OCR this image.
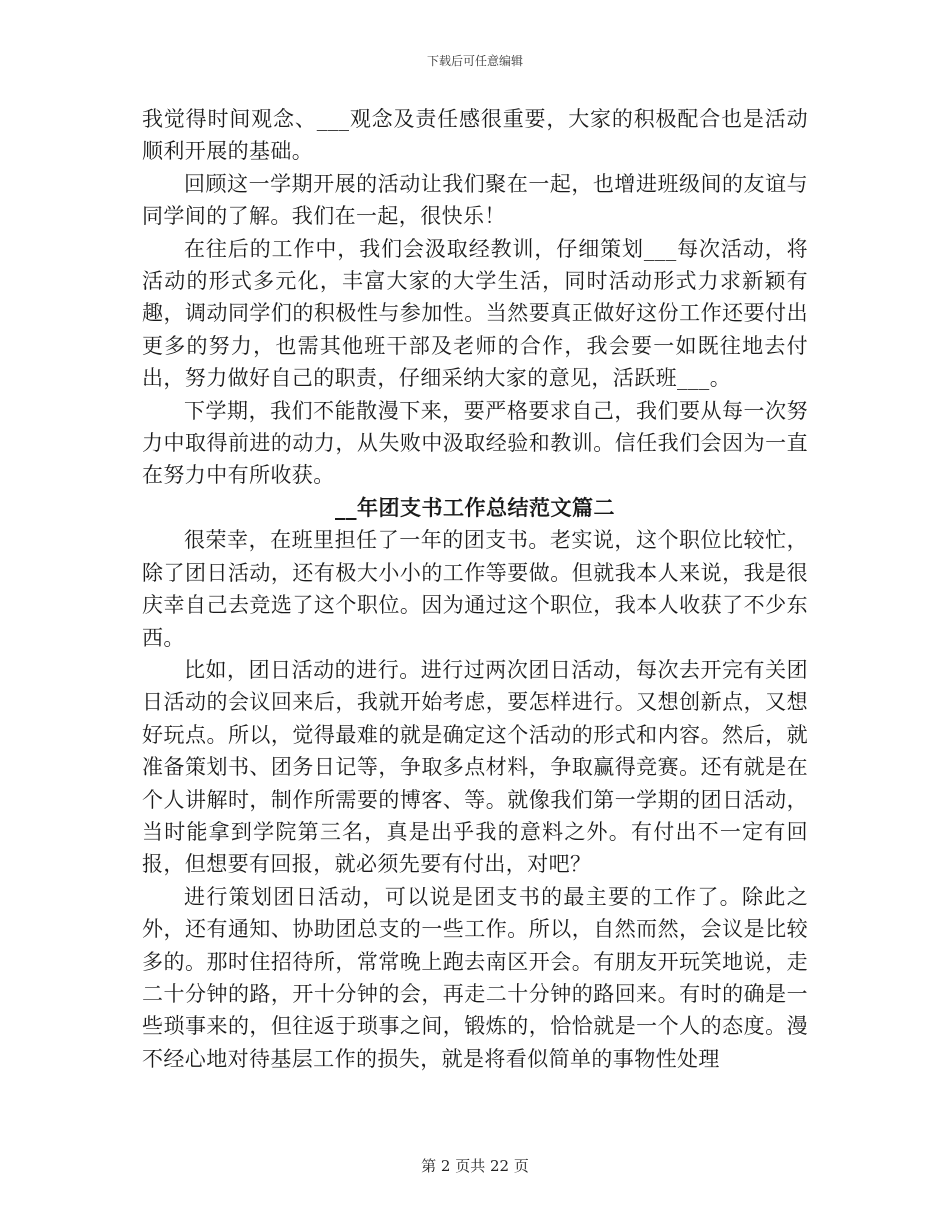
下载后可任意编辑

我觉得时间观念、___观念及责任感很重要，大家的积极配合也是活动顺利开展的基础。

回顾这一学期开展的活动让我们聚在一起，也增进班级间的友谊与同学间的了解。我们在一起，很快乐！

在往后的工作中，我们会汲取经教训，仔细策划___每次活动，将活动的形式多元化，丰富大家的大学生活，同时活动形式力求新颖有趣，调动同学们的积极性与参加性。当然要真正做好这份工作还要付出更多的努力，也需其他班干部及老师的合作，我会要一如既往地去付出，努力做好自己的职责，仔细采纳大家的意见，活跃班___。

下学期，我们不能散漫下来，要严格要求自己，我们要从每一次努力中取得前进的动力，从失败中汲取经验和教训。信任我们会因为一直在努力中有所收获。

__年团支书工作总结范文篇二

很荣幸，在班里担任了一年的团支书。老实说，这个职位比较忙，除了团日活动，还有极大小小的工作等要做。但就我本人来说，我是很庆幸自己去竞选了这个职位。因为通过这个职位，我本人收获了不少东西。

比如，团日活动的进行。进行过两次团日活动，每次去开完有关团日活动的会议回来后，我就开始考虑，要怎样进行。又想创新点，又想好玩点。所以，觉得最难的就是确定这个活动的形式和内容。然后，就准备策划书、团务日记等，争取多点材料，争取赢得竞赛。还有就是在个人讲解时，制作所需要的博客、等。就像我们第一学期的团日活动，当时能拿到学院第三名，真是出乎我的意料之外。有付出不一定有回报，但想要有回报，就必须先要有付出，对吧？

进行策划团日活动，可以说是团支书的最主要的工作了。除此之外，还有通知、协助团总支的一些工作。所以，自然而然，会议是比较多的。那时住招待所，常常晚上跑去南区开会。有朋友开玩笑地说，走二十分钟的路，开十分钟的会，再走二十分钟的路回来。有时的确是一些琐事来的，但往返于琐事之间，锻炼的，恰恰就是一个人的态度。漫不经心地对待基层工作的损失，就是将看似简单的事物性处理

第 2 页共 22 页
